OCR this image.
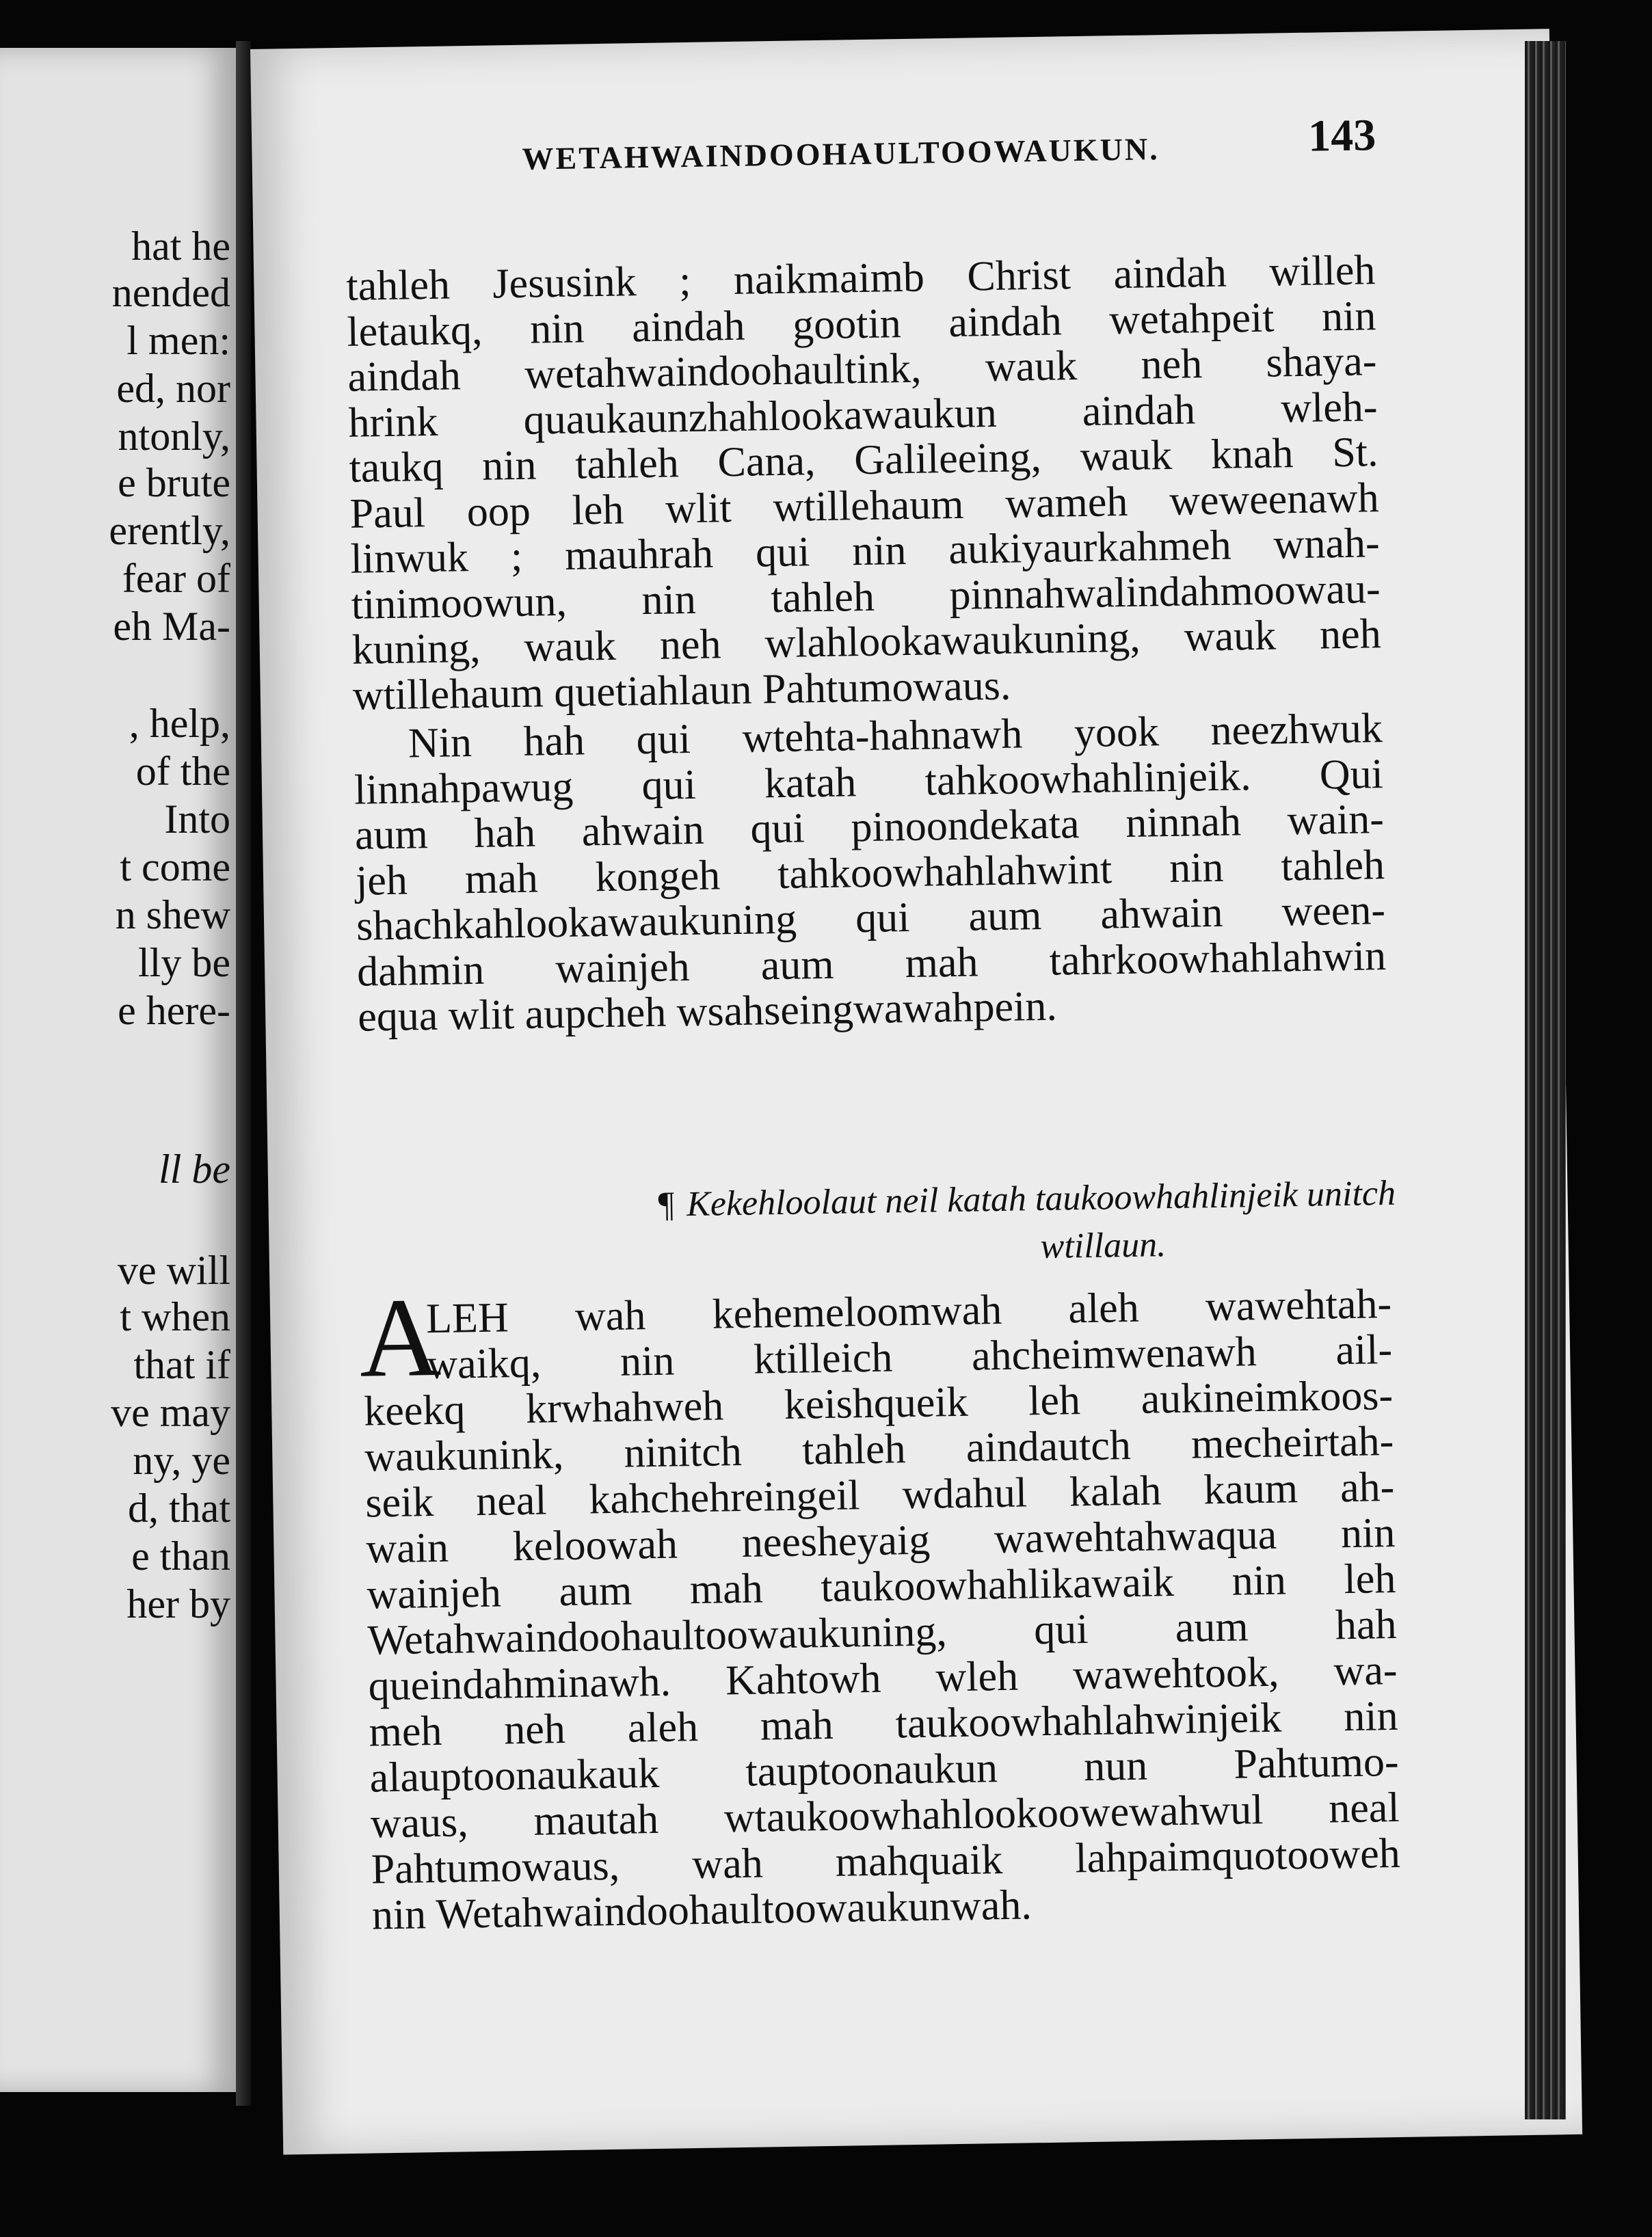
hat he
nended
l men:
ed, nor
ntonly,
e brute
erently,
fear of
eh Ma-
, help,
of the
Into
t come
n shew
lly be
e here-
ll be
ve will
t when
that if
ve may
ny, ye
d, that
e than
her by
WETAHWAINDOOHAULTOOWAUKUN.	143
tahleh Jesusink ; naikmaimb Christ aindah willeh
letaukq, nin aindah gootin aindah wetahpeit nin
aindah wetahwaindoohaultink, wauk neh shaya-
hrink quaukaunzhahlookawaukun aindah wleh-
taukq nin tahleh Cana, Galileeing, wauk knah St.
Paul oop leh wlit wtillehaum wameh weweenawh
linwuk ; mauhrah qui nin aukiyaurkahmeh wnah-
tinimoowun, nin tahleh pinnahwalindahmoowau-
kuning, wauk neh wlahlookawaukuning, wauk neh
wtillehaum quetiahlaun Pahtumowaus.
Nin hah qui wtehta-hahnawh yook neezhwuk
linnahpawug qui katah tahkoowhahlinjeik. Qui
aum hah ahwain qui pinoondekata ninnah wain-
jeh mah kongeh tahkoowhahlahwint nin tahleh
shachkahlookawaukuning qui aum ahwain ween-
dahmin wainjeh aum mah tahrkoowhahlahwin
equa wlit aupcheh wsahseingwawahpein.
¶ Kekehloolaut neil katah taukoowhahlinjeik unitch
wtillaun.
A
LEH wah kehemeloomwah aleh wawehtah-
waikq, nin ktilleich ahcheimwenawh ail-
keekq krwhahweh keishqueik leh aukineimkoos-
waukunink, ninitch tahleh aindautch mecheirtah-
seik neal kahchehreingeil wdahul kalah kaum ah-
wain keloowah neesheyaig wawehtahwaqua nin
wainjeh aum mah taukoowhahlikawaik nin leh
Wetahwaindoohaultoowaukuning, qui aum hah
queindahminawh. Kahtowh wleh wawehtook, wa-
meh neh aleh mah taukoowhahlahwinjeik nin
alauptoonaukauk tauptoonaukun nun Pahtumo-
waus, mautah wtaukoowhahlookoowewahwul neal
Pahtumowaus, wah mahquaik lahpaimquotooweh
nin Wetahwaindoohaultoowaukunwah.
